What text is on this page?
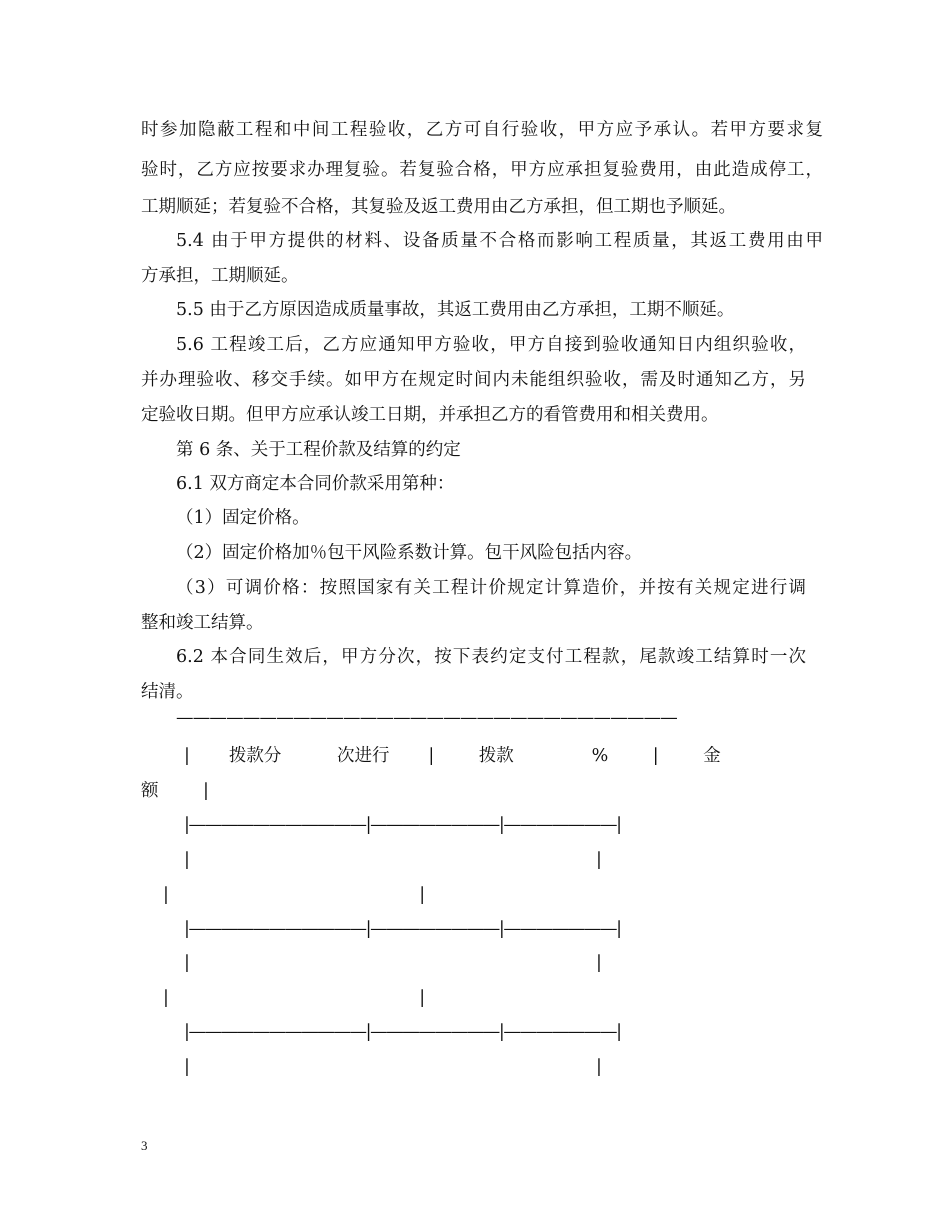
时参加隐蔽工程和中间工程验收，乙方可自行验收，甲方应予承认。若甲方要求复

验时，乙方应按要求办理复验。若复验合格，甲方应承担复验费用，由此造成停工，

工期顺延；若复验不合格，其复验及返工费用由乙方承担，但工期也予顺延。

5.4 由于甲方提供的材料、设备质量不合格而影响工程质量，其返工费用由甲

方承担，工期顺延。

5.5 由于乙方原因造成质量事故，其返工费用由乙方承担，工期不顺延。

5.6 工程竣工后，乙方应通知甲方验收，甲方自接到验收通知日内组织验收，

并办理验收、移交手续。如甲方在规定时间内未能组织验收，需及时通知乙方，另

定验收日期。但甲方应承认竣工日期，并承担乙方的看管费用和相关费用。

第 6 条、关于工程价款及结算的约定

6.1 双方商定本合同价款采用第种：

（1）固定价格。

（2）固定价格加％包干风险系数计算。包干风险包括内容。

（3）可调价格：按照国家有关工程计价规定计算造价，并按有关规定进行调

整和竣工结算。

6.2 本合同生效后，甲方分次，按下表约定支付工程款，尾款竣工结算时一次

结清。

——————————————————————————————

|       拨款分          次进行       |        拨款              %        |        金

额        |

|———————————|————————|———————|

|                                                                         |

|                                             |

|———————————|————————|———————|

|                                                                         |

|                                             |

|———————————|————————|———————|

|                                                                         |

3
